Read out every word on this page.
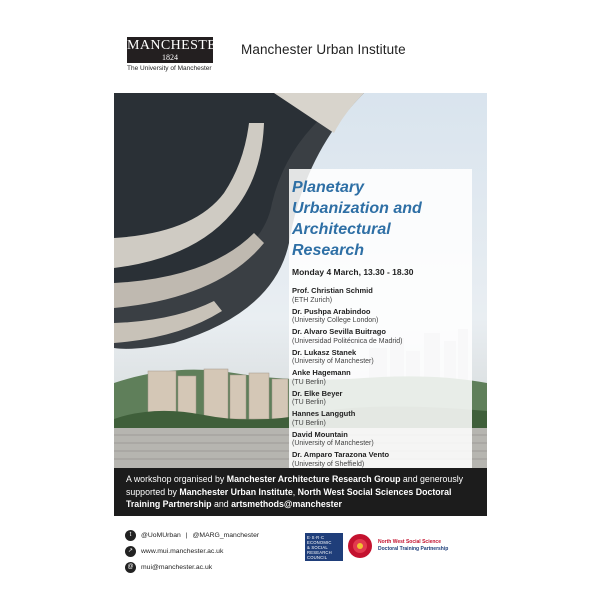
MANCHESTER
1824
The University of Manchester
Manchester Urban Institute
Planetary
Urbanization and
Architectural
Research
Monday 4 March, 13.30 - 18.30
Prof. Christian Schmid
(ETH Zurich)
Dr. Pushpa Arabindoo
(University College London)
Dr. Alvaro Sevilla Buitrago
(Universidad Politécnica de Madrid)
Dr. Lukasz Stanek
(University of Manchester)
Anke Hagemann
(TU Berlin)
Dr. Elke Beyer
(TU Berlin)
Hannes Langguth
(TU Berlin)
David Mountain
(University of Manchester)
Dr. Amparo Tarazona Vento
(University of Sheffield)
A workshop organised by Manchester Architecture Research Group and generously supported by Manchester Urban Institute, North West Social Sciences Doctoral Training Partnership and artsmethods@manchester
t	@UoMUrban | @MARG_manchester
↗	www.mui.manchester.ac.uk
@	mui@manchester.ac.uk
E·S·R·C
ECONOMIC
& SOCIAL
RESEARCH
COUNCIL
North West Social Science
Doctoral Training Partnership
